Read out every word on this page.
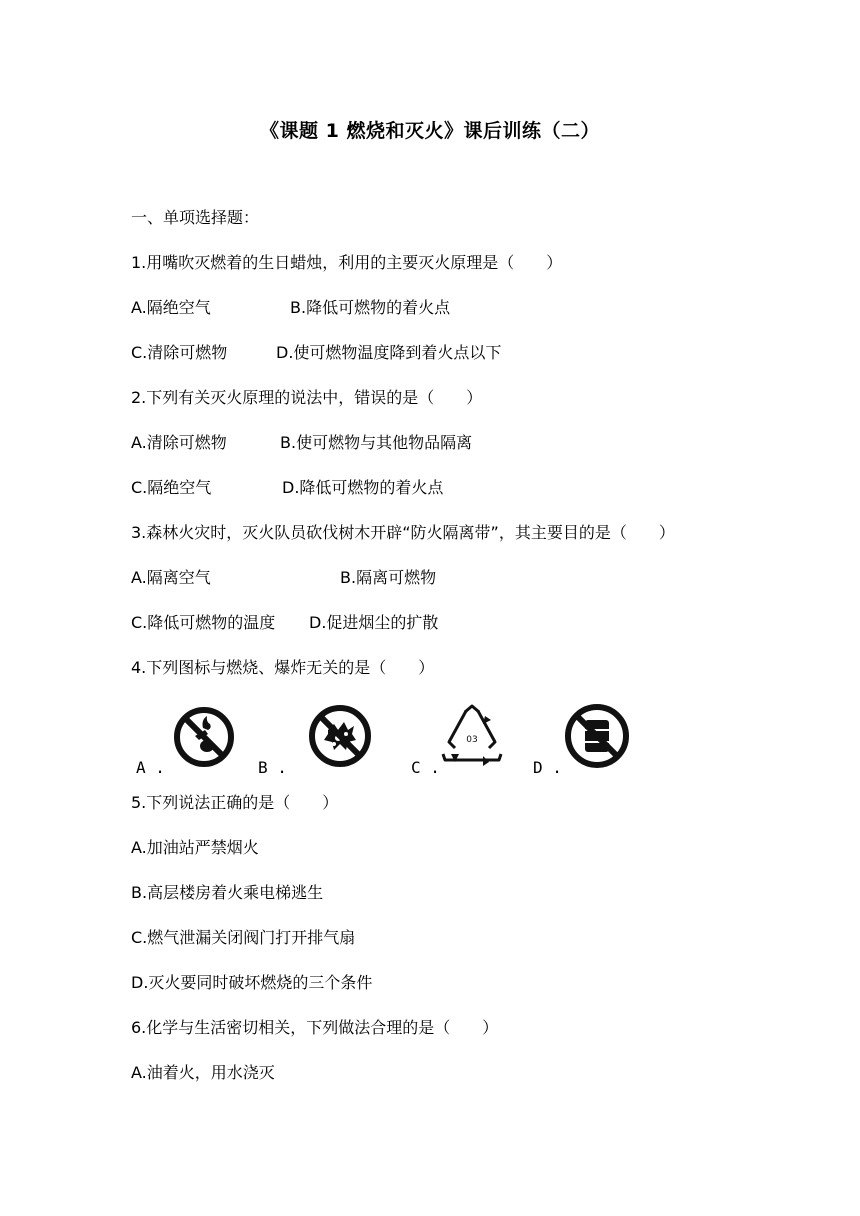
《课题 1 燃烧和灭火》课后训练（二）
一、单项选择题：
1.用嘴吹灭燃着的生日蜡烛，利用的主要灭火原理是（　　）
A.隔绝空气	B.降低可燃物的着火点
C.清除可燃物	D.使可燃物温度降到着火点以下
2.下列有关灭火原理的说法中，错误的是（　　）
A.清除可燃物	B.使可燃物与其他物品隔离
C.隔绝空气	D.降低可燃物的着火点
3.森林火灾时，灭火队员砍伐树木开辟“防火隔离带”，其主要目的是（　　）
A.隔离空气	B.隔离可燃物
C.降低可燃物的温度 D.促进烟尘的扩散
4.下列图标与燃烧、爆炸无关的是（　　）
A .	B .	C .
03
D .
5.下列说法正确的是（　　）
A.加油站严禁烟火
B.高层楼房着火乘电梯逃生
C.燃气泄漏关闭阀门打开排气扇
D.灭火要同时破坏燃烧的三个条件
6.化学与生活密切相关，下列做法合理的是（　　）
A.油着火，用水浇灭
